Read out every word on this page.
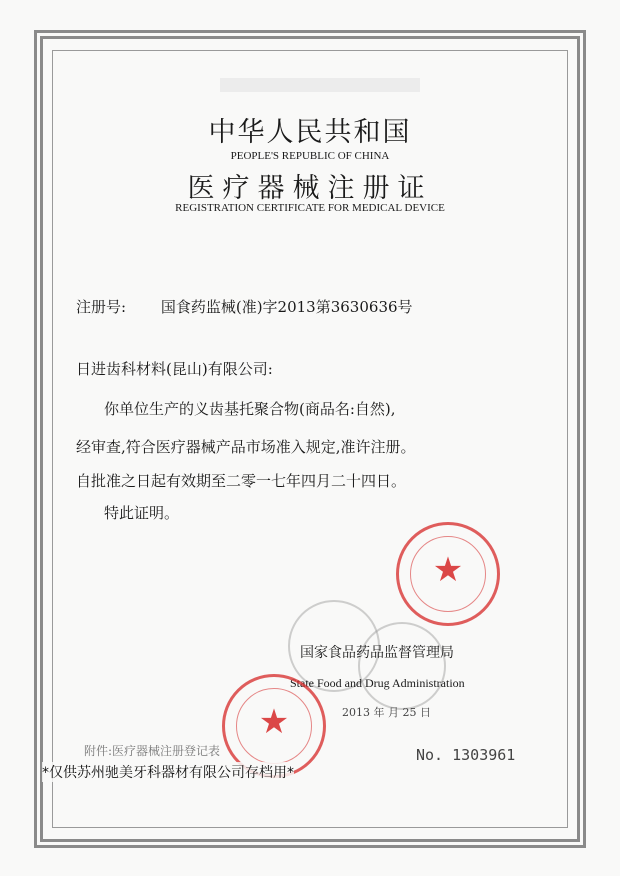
中华人民共和国
PEOPLE'S REPUBLIC OF CHINA
医疗器械注册证
REGISTRATION CERTIFICATE FOR MEDICAL DEVICE
注册号: 国食药监械(准)字2013第3630636号
日进齿科材料(昆山)有限公司:
你单位生产的义齿基托聚合物(商品名:自然),
经审查,符合医疗器械产品市场准入规定,准许注册。
自批准之日起有效期至二零一七年四月二十四日。
特此证明。
★
国家食品药品监督管理局
State Food and Drug Administration
2013 年 月 25 日
★
附件:医疗器械注册登记表	No. 1303961
*仅供苏州驰美牙科器材有限公司存档用*
